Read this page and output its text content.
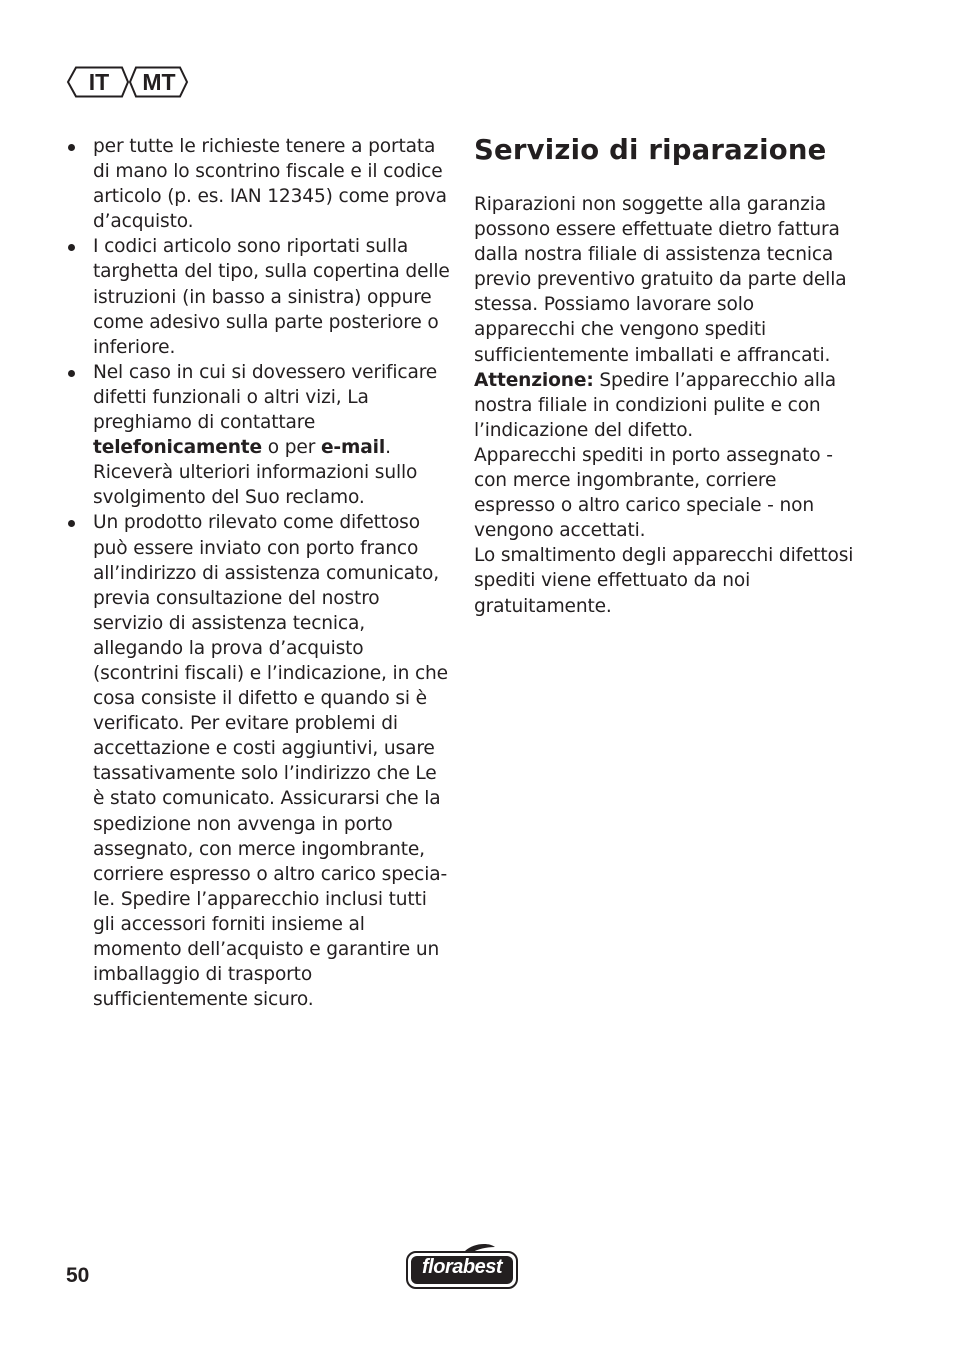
IT	MT
per tutte le richieste tenere a portata di mano lo scontrino fiscale e il codice articolo (p. es. IAN 12345) come prova d’acquisto.
I codici articolo sono riportati sulla targhetta del tipo, sulla copertina delle istruzioni (in basso a sinistra) oppure come adesivo sulla parte posteriore o inferiore.
Nel caso in cui si dovessero verificare difetti funzionali o altri vizi, La preghiamo di contattare telefonicamente o per e-mail. Riceverà ulteriori informazioni sullo svolgimento del Suo reclamo.
Un prodotto rilevato come difettoso può essere inviato con porto franco all’indirizzo di assistenza comunicato, previa consultazione del nostro servizio di assistenza tecnica, allegando la prova d’acquisto (scontrini fiscali) e l’indicazione, in che cosa consiste il difetto e quando si è verificato. Per evitare problemi di accettazione e costi aggiuntivi, usare tassativamente solo l’indirizzo che Le è stato comunicato. Assicurarsi che la spedizione non avvenga in porto assegnato, con merce ingombrante, corriere espresso o altro carico speciale. Spedire l’apparecchio inclusi tutti gli accessori forniti insieme al momento dell’acquisto e garantire un imballaggio di trasporto sufficientemente sicuro.
Servizio di riparazione

Riparazioni non soggette alla garanzia possono essere effettuate dietro fattura dalla nostra filiale di assistenza tecnica previo preventivo gratuito da parte della stessa. Possiamo lavorare solo apparecchi che vengono spediti sufficientemente imballati e affrancati.

Attenzione: Spedire l’apparecchio alla nostra filiale in condizioni pulite e con l’indicazione del difetto.

Apparecchi spediti in porto assegnato - con merce ingombrante, corriere espresso o altro carico speciale - non vengono accettati.

Lo smaltimento degli apparecchi difettosi spediti viene effettuato da noi gratuitamente.

50	florabest
